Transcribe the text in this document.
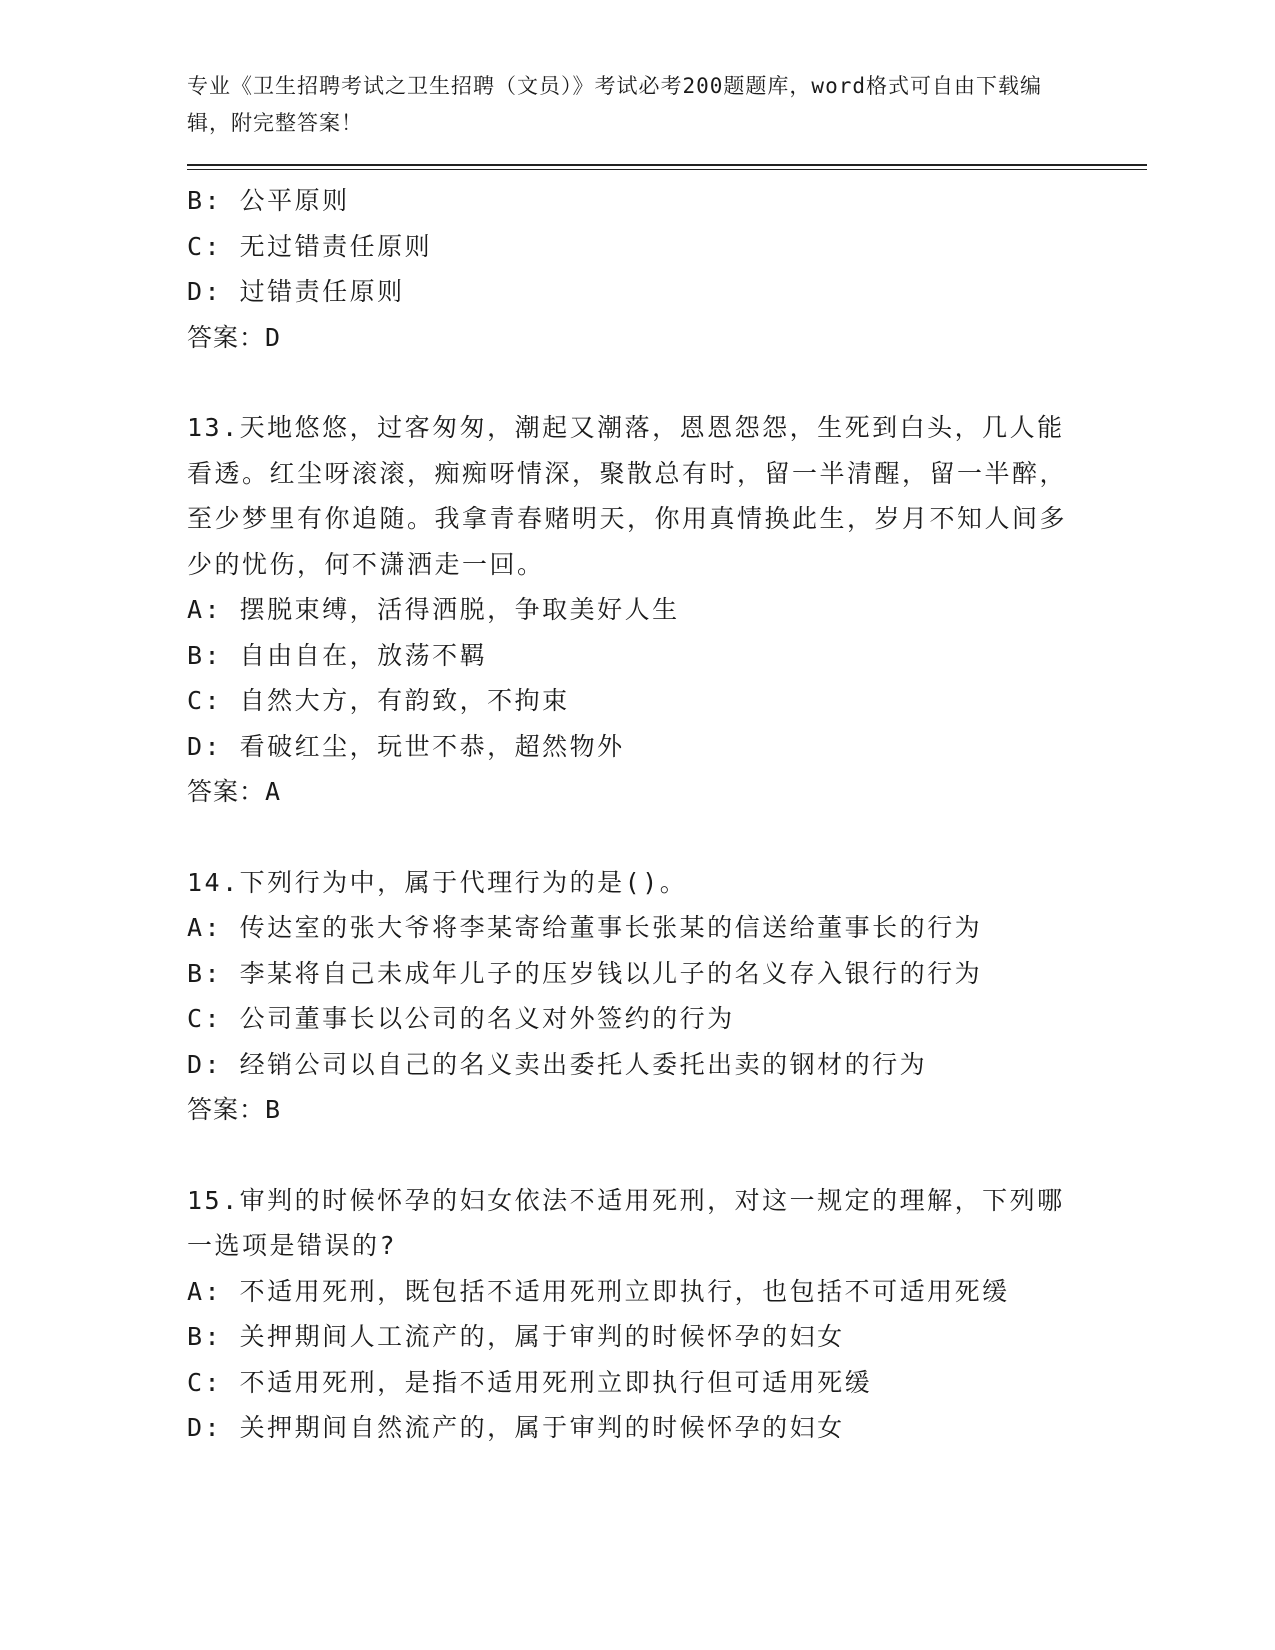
专业《卫生招聘考试之卫生招聘（文员）》考试必考200题题库，word格式可自由下载编辑，附完整答案！
B: 公平原则
C: 无过错责任原则
D: 过错责任原则
答案：D
13.天地悠悠，过客匆匆，潮起又潮落，恩恩怨怨，生死到白头，几人能看透。红尘呀滚滚，痴痴呀情深，聚散总有时，留一半清醒，留一半醉，至少梦里有你追随。我拿青春赌明天，你用真情换此生，岁月不知人间多少的忧伤，何不潇洒走一回。
A: 摆脱束缚，活得洒脱，争取美好人生
B: 自由自在，放荡不羁
C: 自然大方，有韵致，不拘束
D: 看破红尘，玩世不恭，超然物外
答案：A
14.下列行为中，属于代理行为的是()。
A: 传达室的张大爷将李某寄给董事长张某的信送给董事长的行为
B: 李某将自己未成年儿子的压岁钱以儿子的名义存入银行的行为
C: 公司董事长以公司的名义对外签约的行为
D: 经销公司以自己的名义卖出委托人委托出卖的钢材的行为
答案：B
15.审判的时候怀孕的妇女依法不适用死刑，对这一规定的理解，下列哪一选项是错误的?
A: 不适用死刑，既包括不适用死刑立即执行，也包括不可适用死缓
B: 关押期间人工流产的，属于审判的时候怀孕的妇女
C: 不适用死刑，是指不适用死刑立即执行但可适用死缓
D: 关押期间自然流产的，属于审判的时候怀孕的妇女
